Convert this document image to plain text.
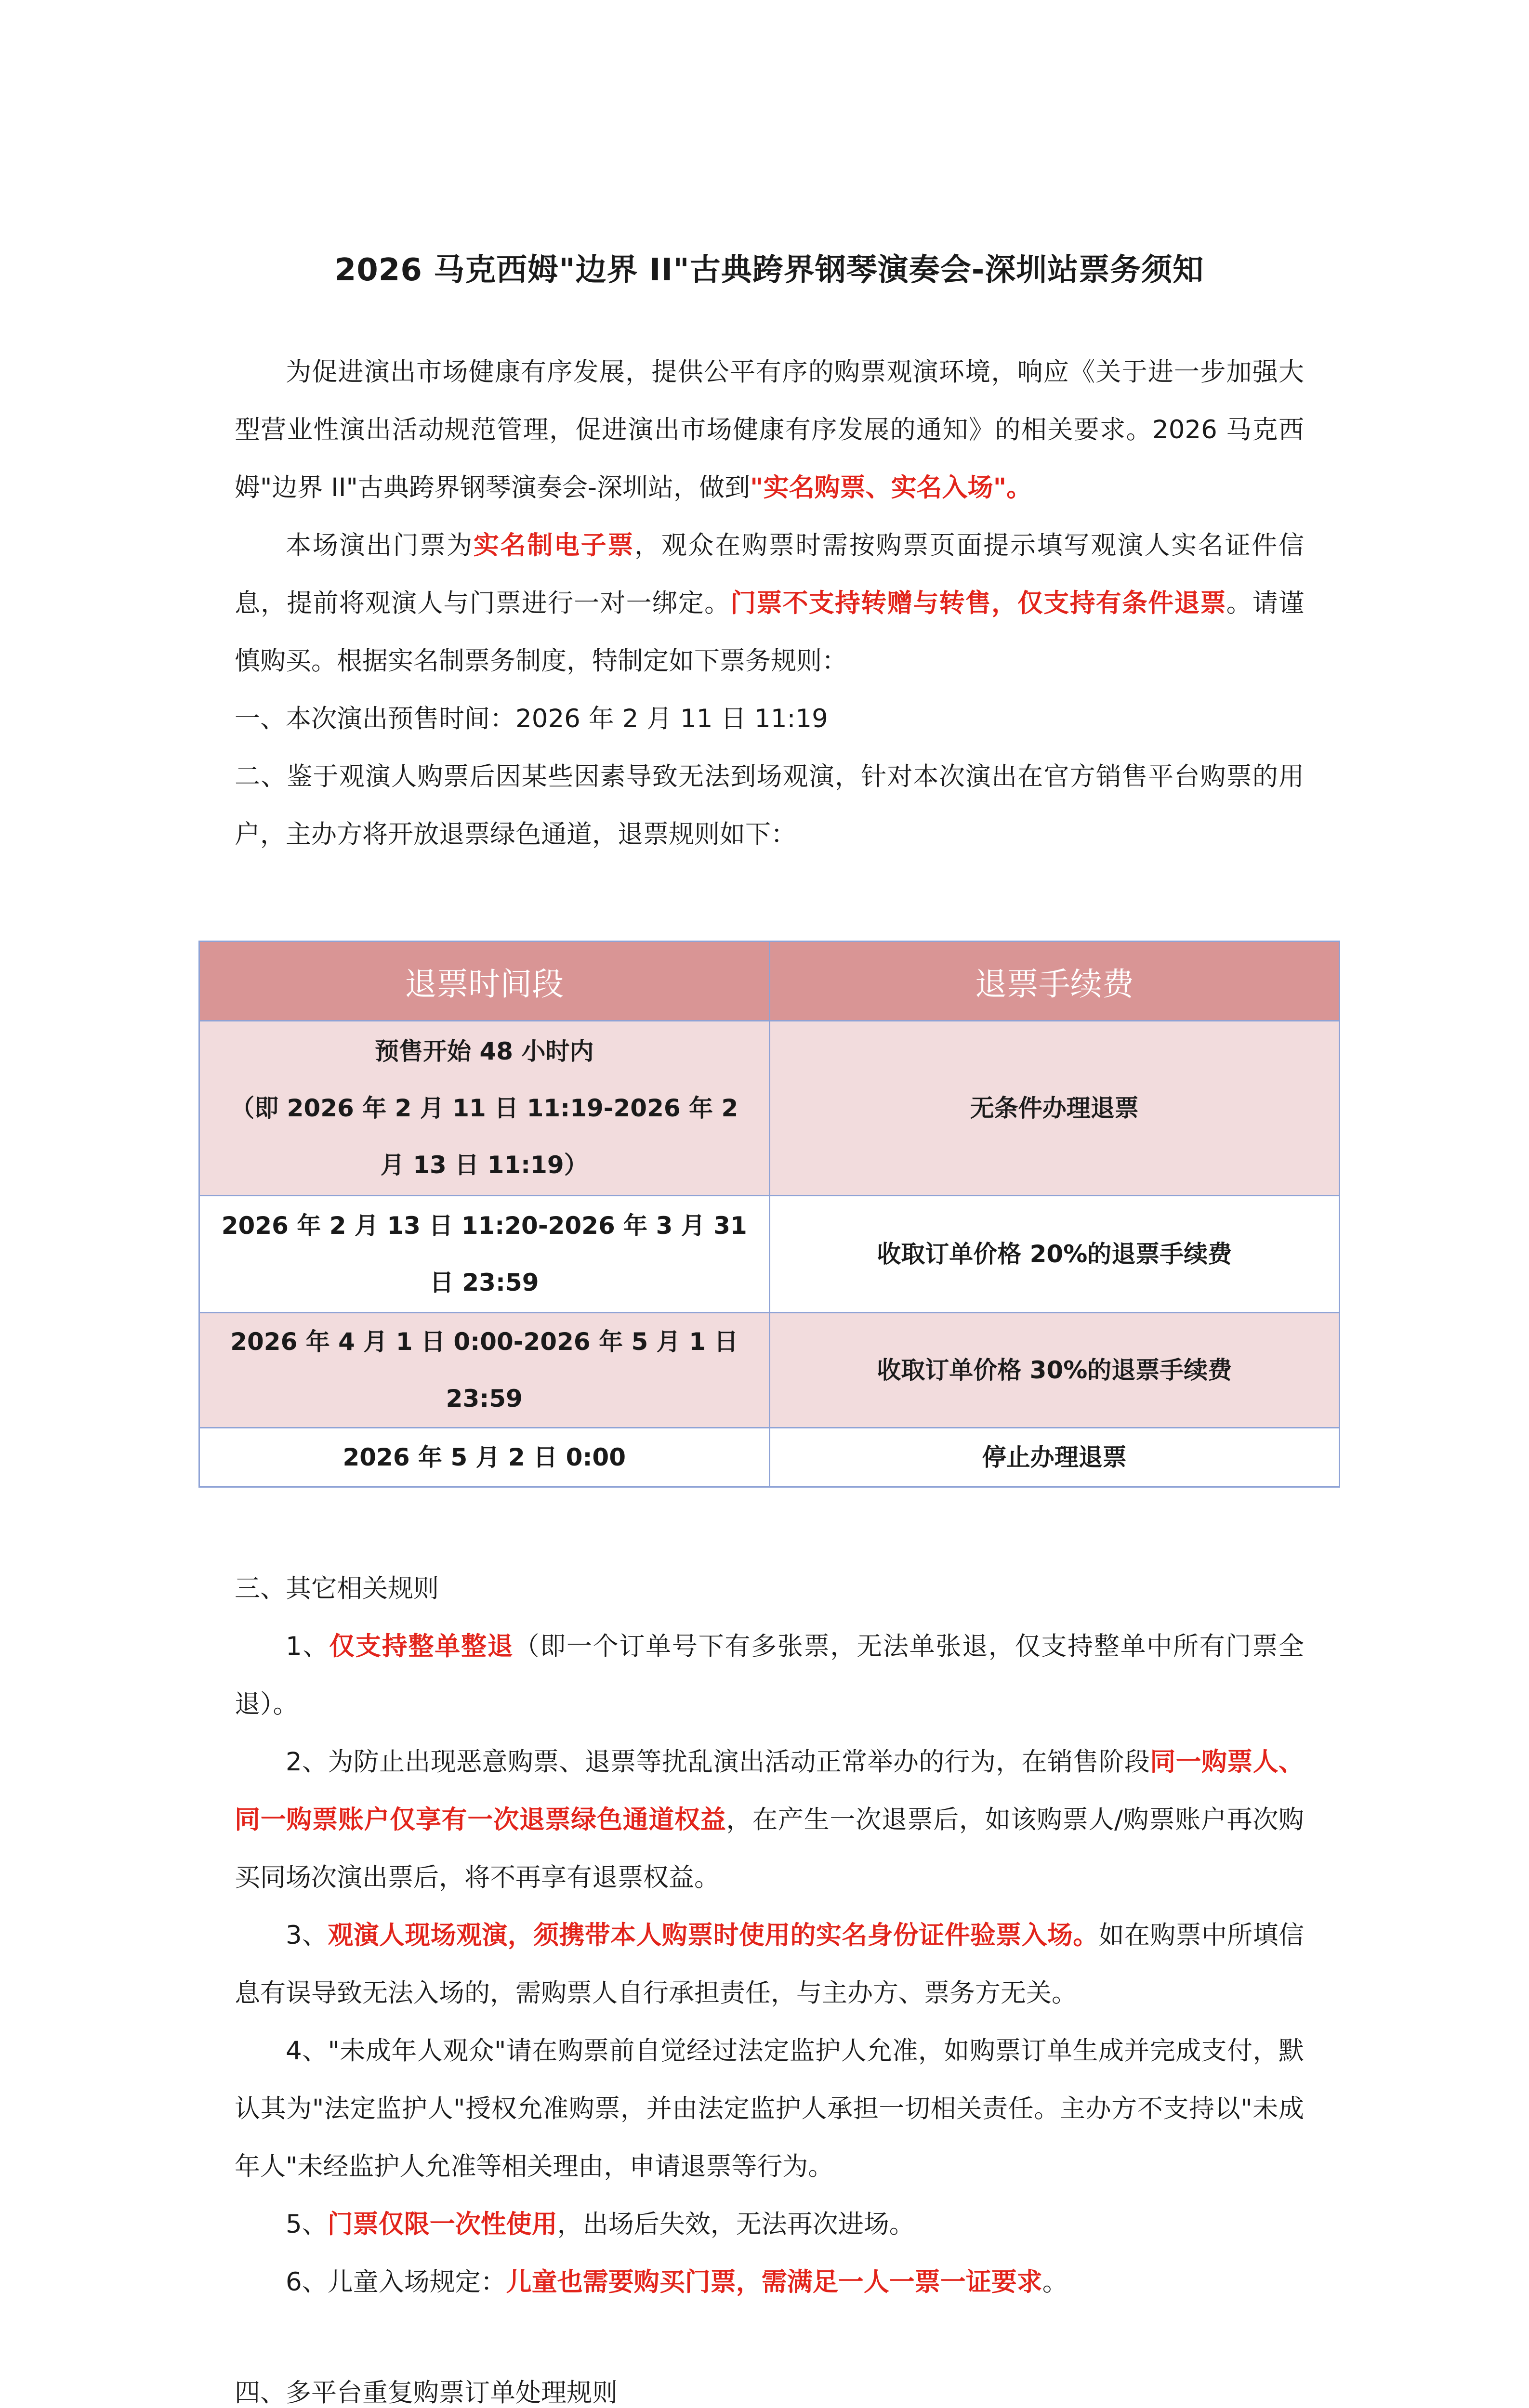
2026 马克西姆"边界 II"古典跨界钢琴演奏会-深圳站票务须知

为促进演出市场健康有序发展，提供公平有序的购票观演环境，响应《关于进一步加强大型营业性演出活动规范管理，促进演出市场健康有序发展的通知》的相关要求。2026 马克西姆"边界 II"古典跨界钢琴演奏会-深圳站，做到"实名购票、实名入场"。

本场演出门票为实名制电子票，观众在购票时需按购票页面提示填写观演人实名证件信息，提前将观演人与门票进行一对一绑定。门票不支持转赠与转售，仅支持有条件退票。请谨慎购买。根据实名制票务制度，特制定如下票务规则：

一、本次演出预售时间：2026 年 2 月 11 日 11:19

二、鉴于观演人购票后因某些因素导致无法到场观演，针对本次演出在官方销售平台购票的用户，主办方将开放退票绿色通道，退票规则如下：

退票时间段	退票手续费

预售开始 48 小时内
（即 2026 年 2 月 11 日 11:19-2026 年 2 月 13 日 11:19）	无条件办理退票
2026 年 2 月 13 日 11:20-2026 年 3 月 31 日 23:59	收取订单价格 20%的退票手续费
2026 年 4 月 1 日 0:00-2026 年 5 月 1 日 23:59	收取订单价格 30%的退票手续费
2026 年 5 月 2 日 0:00	停止办理退票

三、其它相关规则

1、仅支持整单整退（即一个订单号下有多张票，无法单张退，仅支持整单中所有门票全退）。

2、为防止出现恶意购票、退票等扰乱演出活动正常举办的行为，在销售阶段同一购票人、同一购票账户仅享有一次退票绿色通道权益，在产生一次退票后，如该购票人/购票账户再次购买同场次演出票后，将不再享有退票权益。

3、观演人现场观演，须携带本人购票时使用的实名身份证件验票入场。如在购票中所填信息有误导致无法入场的，需购票人自行承担责任，与主办方、票务方无关。

4、"未成年人观众"请在购票前自觉经过法定监护人允准，如购票订单生成并完成支付，默认其为"法定监护人"授权允准购票，并由法定监护人承担一切相关责任。主办方不支持以"未成年人"未经监护人允准等相关理由，申请退票等行为。

5、门票仅限一次性使用，出场后失效，无法再次进场。

6、儿童入场规定：儿童也需要购买门票，需满足一人一票一证要求。

四、多平台重复购票订单处理规则
